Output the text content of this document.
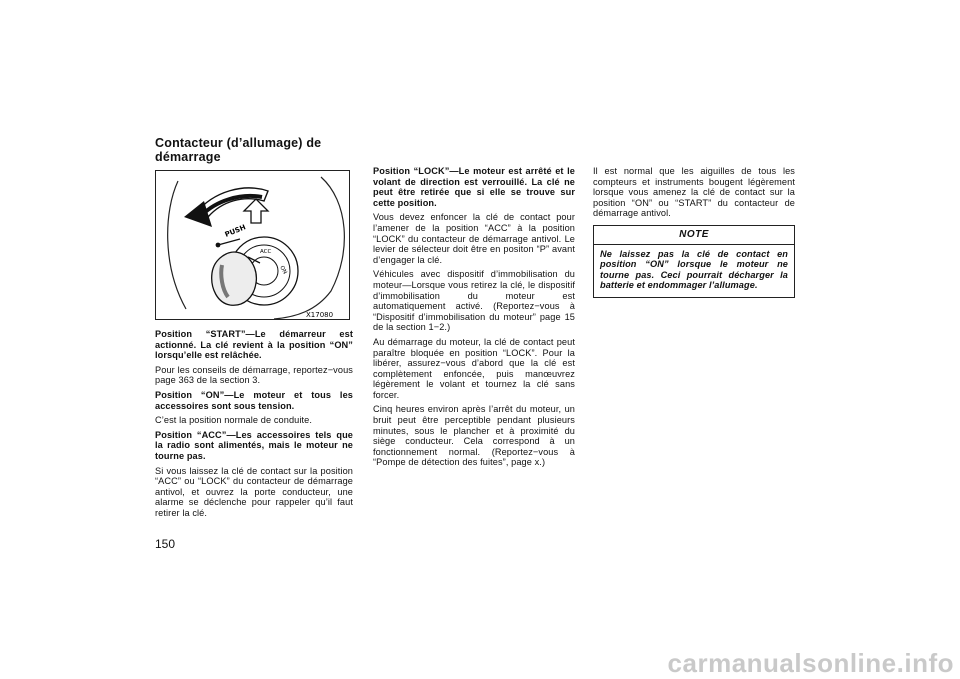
Contacteur (d’allumage) de démarrage
PUSH
ACC
ON
X17080

Position “START”—Le démarreur est actionné. La clé revient à la position “ON” lorsqu’elle est relâchée.

Pour les conseils de démarrage, reportez−vous page 363 de la section 3.

Position “ON”—Le moteur et tous les accessoires sont sous tension.

C’est la position normale de conduite.

Position “ACC”—Les accessoires tels que la radio sont alimentés, mais le moteur ne tourne pas.

Si vous laissez la clé de contact sur la position “ACC” ou “LOCK” du contacteur de démarrage antivol, et ouvrez la porte conducteur, une alarme se déclenche pour rappeler qu’il faut retirer la clé.

Position “LOCK”—Le moteur est arrêté et le volant de direction est verrouillé. La clé ne peut être retirée que si elle se trouve sur cette position.

Vous devez enfoncer la clé de contact pour l’amener de la position “ACC” à la position “LOCK” du contacteur de démarrage antivol. Le levier de sélecteur doit être en positon “P” avant d’engager la clé.

Véhicules avec dispositif d’immobilisation du moteur—Lorsque vous retirez la clé, le dispositif d’immobilisation du moteur est automatiquement activé. (Reportez−vous à “Dispositif d’immobilisation du moteur” page 15 de la section 1−2.)

Au démarrage du moteur, la clé de contact peut paraître bloquée en position “LOCK”. Pour la libérer, assurez−vous d’abord que la clé est complètement enfoncée, puis manœuvrez légèrement le volant et tournez la clé sans forcer.

Cinq heures environ après l’arrêt du moteur, un bruit peut être perceptible pendant plusieurs minutes, sous le plancher et à proximité du siège conducteur. Cela correspond à un fonctionnement normal. (Reportez−vous à “Pompe de détection des fuites”, page x.)

Il est normal que les aiguilles de tous les compteurs et instruments bougent légèrement lorsque vous amenez la clé de contact sur la position “ON” ou “START” du contacteur de démarrage antivol.

NOTE
Ne laissez pas la clé de contact en position “ON” lorsque le moteur ne tourne pas. Ceci pourrait décharger la batterie et endommager l’allumage.
150
carmanualsonline.info
